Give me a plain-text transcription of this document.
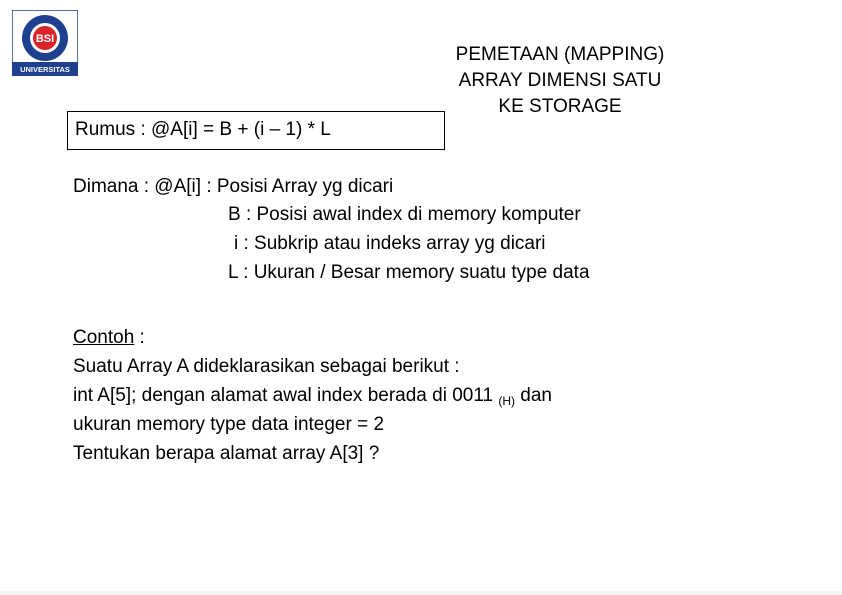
BSI
UNIVERSITAS
PEMETAAN (MAPPING)
ARRAY DIMENSI SATU
KE STORAGE
Rumus : @A[i] = B + (i – 1) * L
Dimana : @A[i] : Posisi Array yg dicari
B : Posisi awal index di memory komputer
i : Subkrip atau indeks array yg dicari
L : Ukuran / Besar memory suatu type data
Contoh :
Suatu Array A dideklarasikan sebagai berikut :
int A[5]; dengan alamat awal index berada di 0011 $_{(H)}$ dan
ukuran memory type data integer = 2
Tentukan berapa alamat array A[3] ?
